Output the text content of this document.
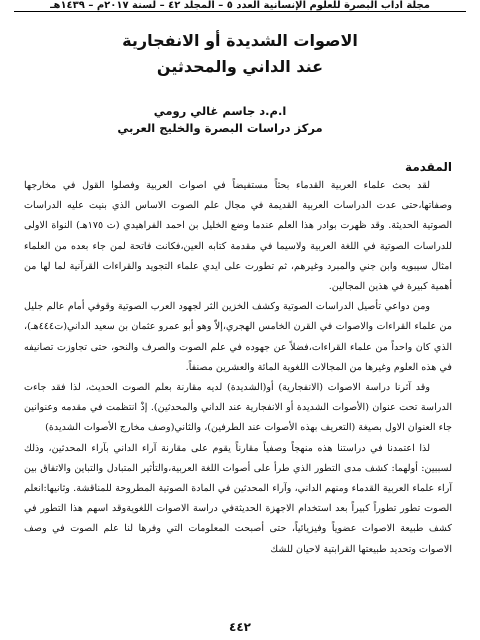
مجلة آداب البصرة للعلوم الإنسانية العدد ٥ – المجلد ٤٢ – لسنة ٢٠١٧م – ١٤٣٩هـ
الاصوات الشديدة أو الانفجارية
عند الداني والمحدثين
ا.م.د جاسم غالي رومي
مركز دراسات البصرة والخليج العربي
المقدمة

لقد بحث علماء العربية القدماء بحثاً مستفيضاً في اصوات العربية وفصلوا القول في مخارجها وصفاتها،حتى عدت الدراسات العربية القديمة في مجال علم الصوت الاساس الذي بنيت عليه الدراسات الصوتية الحديثة. وقد ظهرت بوادر هذا العلم عندما وضع الخليل بن احمد الفراهيدي (ت ١٧٥هـ) النواة الاولى للدراسات الصوتية في اللغة العربية ولاسيما في مقدمة كتابه العين،فكانت فاتحة لمن جاء بعده من العلماء امثال سيبويه وابن جني والمبرد وغيرهم، ثم تطورت على ايدي علماء التجويد والقراءات القرآنية لما لها من أهمية كبيرة في هذين المجالين.

ومن دواعي تأصيل الدراسات الصوتية وكشف الخزين الثر لجهود العرب الصوتية وقوفي أمام عالم جليل من علماء القراءات والاصوات في القرن الخامس الهجري،إلاّ وهو أبو عمرو عثمان بن سعيد الداني(ت٤٤٤هـ)، الذي كان واحداً من علماء القراءات،فضلاً عن جهوده في علم الصوت والصرف والنحو، حتى تجاوزت تصانيفه في هذه العلوم وغيرها من المجالات اللغوية المائة والعشرين مصنفاً.

وقد آثرنا دراسة الاصوات (الانفجارية) أو(الشديدة) لديه مقارنة بعلم الصوت الحديث، لذا فقد جاءت الدراسة تحت عنوان (الأصوات الشديدة أو الانفجارية عند الداني والمحدثين). إذْ انتظمت في مقدمه وعنوانين جاء العنوان الاول بصيغة (التعريف بهذه الأصوات عند الطرفين)، والثاني(وصف مخارج الأصوات الشديدة)

لذا اعتمدنا في دراستنا هذه منهجاً وصفياً مقارناً يقوم على مقارنة آراء الداني بآراء المحدثين، وذلك لسببين: أولهما: كشف مدى التطور الذي طرأ على أصوات اللغة العربية،والتأثير المتبادل والتباين والاتفاق بين آراء علماء العربية القدماء ومنهم الداني، وآراء المحدثين في المادة الصوتية المطروحة للمناقشة. وثانيها:انعلم الصوت تطور تطوراً كبيراً بعد استخدام الاجهزة الحديثةفي دراسة الاصوات اللغويةوقد اسهم هذا التطور في كشف طبيعة الاصوات عضوياً وفيزيائياً، حتى أصبحت المعلومات التي وفرها لنا علم الصوت في وصف الاصوات وتحديد طبيعتها القرابتية لاحيان للشك

٤٤٢
